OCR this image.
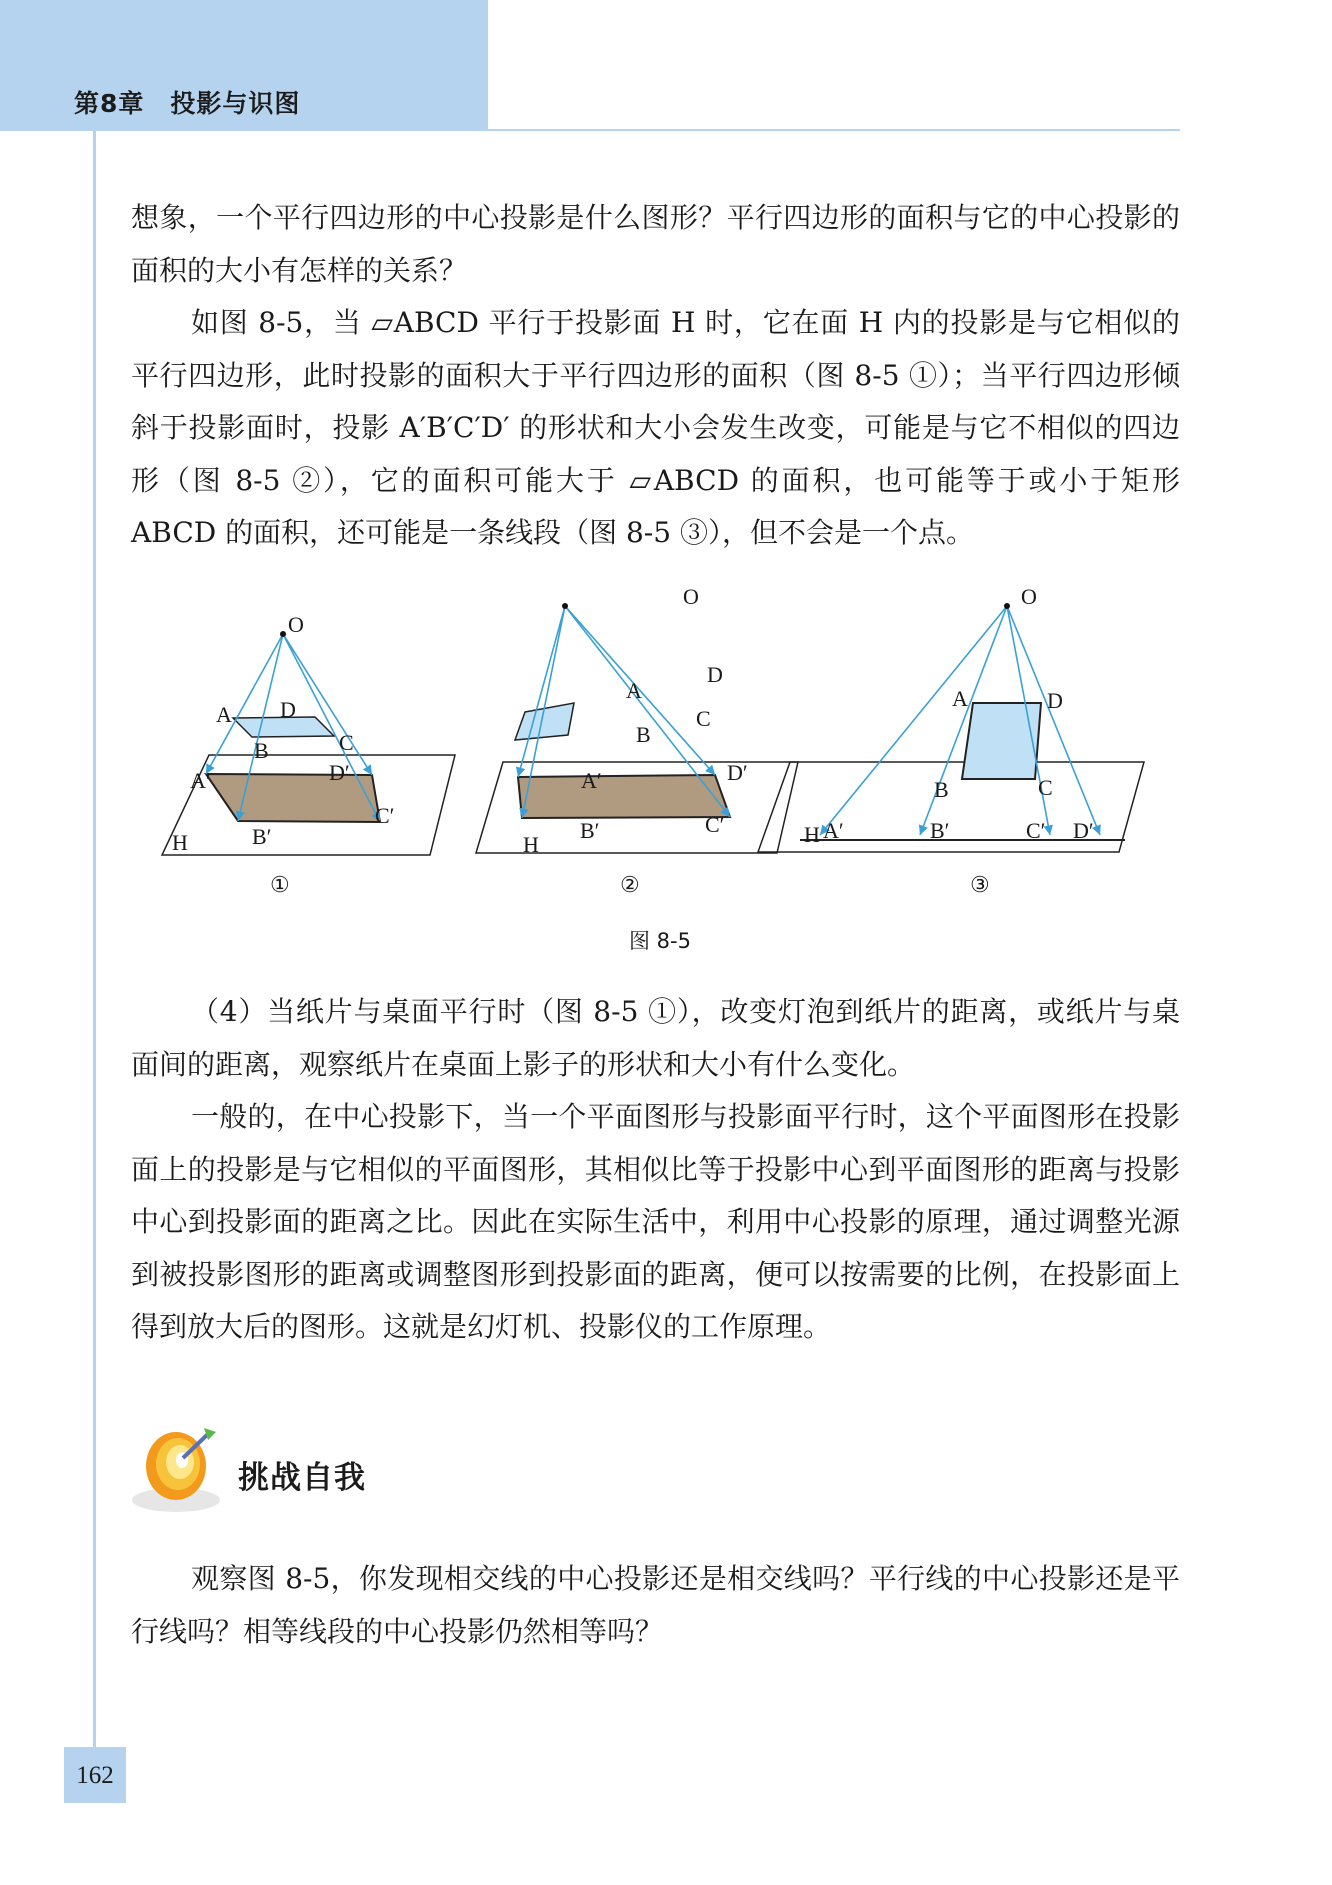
第8章 投影与识图

想象，一个平行四边形的中心投影是什么图形？平行四边形的面积与它的中心投影的面积的大小有怎样的关系？

如图 8-5，当 ▱ABCD 平行于投影面 H 时，它在面 H 内的投影是与它相似的平行四边形，此时投影的面积大于平行四边形的面积（图 8-5 ①）；当平行四边形倾斜于投影面时，投影 A′B′C′D′ 的形状和大小会发生改变，可能是与它不相似的四边形（图 8-5 ②），它的面积可能大于 ▱ABCD 的面积，也可能等于或小于矩形 ABCD 的面积，还可能是一条线段（图 8-5 ③），但不会是一个点。

O
A D
B	C
A′	D′
B′
C′
H
O
A
D
B
C
A′	D′
B′	C′
H
O
A	D
B	C
H A′	B′	C′ D′
①	②	③
图 8-5

（4）当纸片与桌面平行时（图 8-5 ①），改变灯泡到纸片的距离，或纸片与桌面间的距离，观察纸片在桌面上影子的形状和大小有什么变化。

一般的，在中心投影下，当一个平面图形与投影面平行时，这个平面图形在投影面上的投影是与它相似的平面图形，其相似比等于投影中心到平面图形的距离与投影中心到投影面的距离之比。因此在实际生活中，利用中心投影的原理，通过调整光源到被投影图形的距离或调整图形到投影面的距离，便可以按需要的比例，在投影面上得到放大后的图形。这就是幻灯机、投影仪的工作原理。

挑战自我

观察图 8-5，你发现相交线的中心投影还是相交线吗？平行线的中心投影还是平行线吗？相等线段的中心投影仍然相等吗？

162
